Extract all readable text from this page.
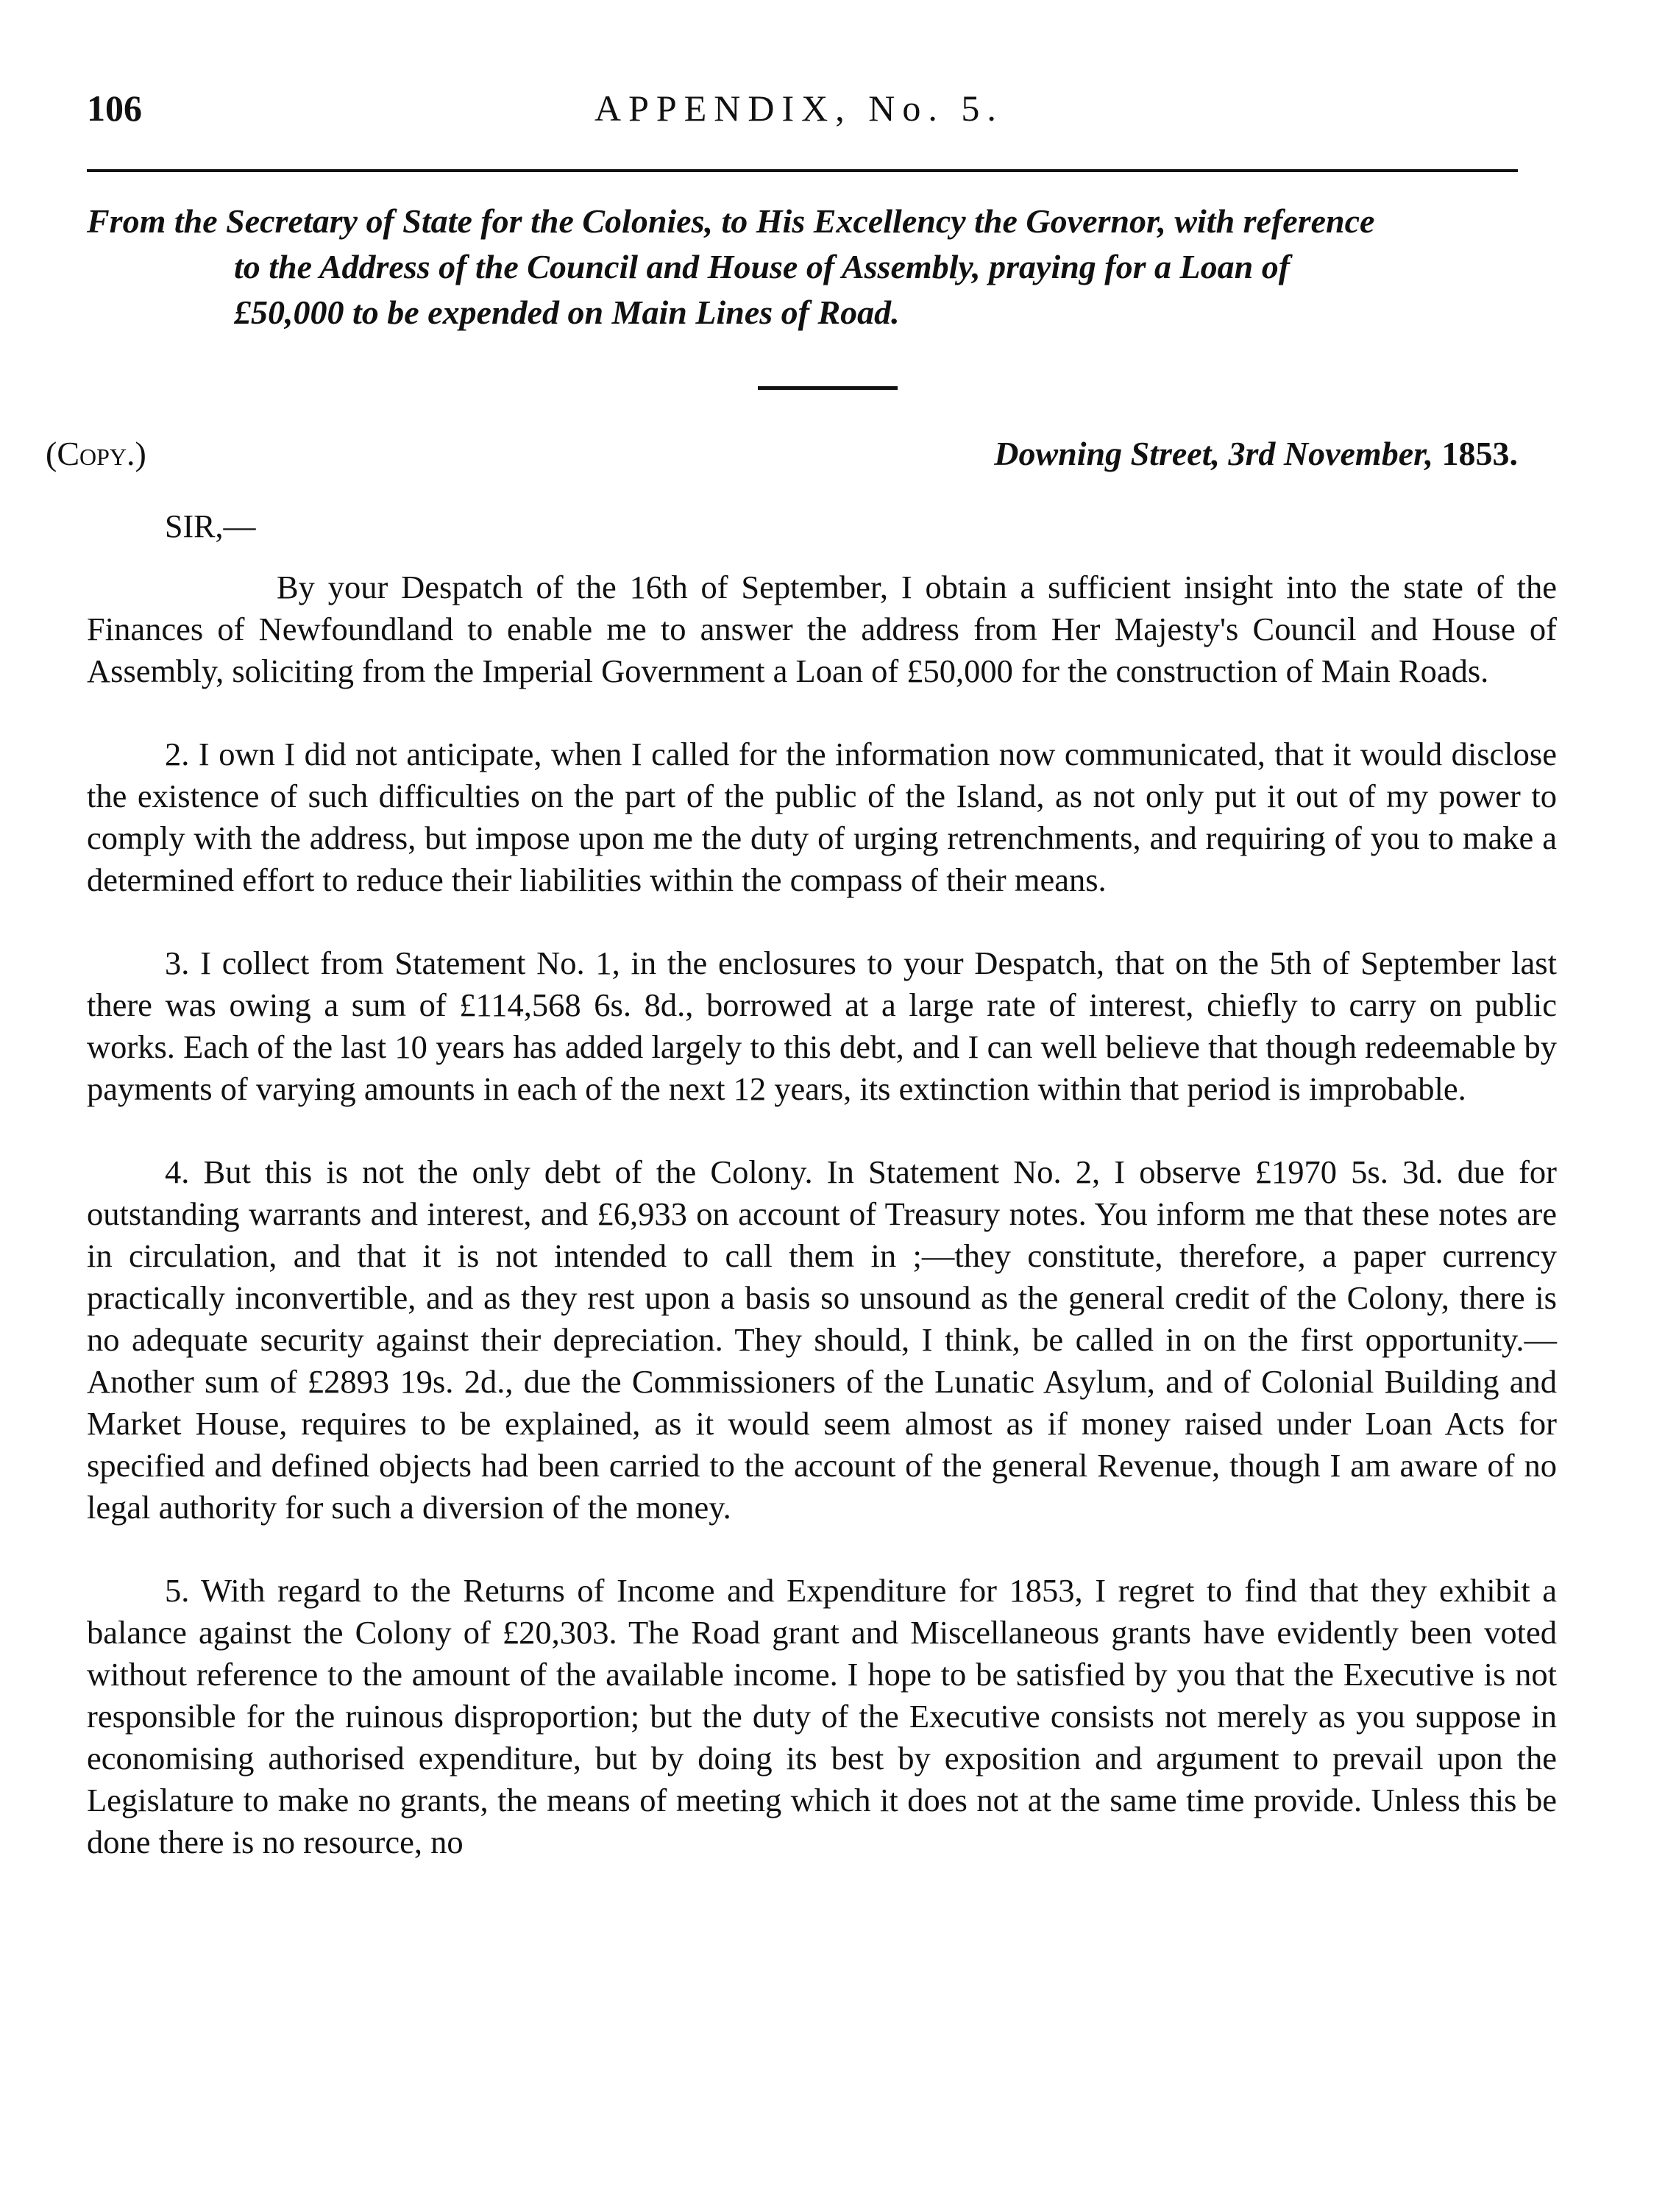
106	APPENDIX, No. 5.
From the Secretary of State for the Colonies, to His Excellency the Governor, with reference
to the Address of the Council and House of Assembly, praying for a Loan of
£50,000 to be expended on Main Lines of Road.
(Copy.)	Downing Street, 3rd November, 1853.
SIR,—

By your Despatch of the 16th of September, I obtain a sufficient insight into the state of the Finances of Newfoundland to enable me to answer the address from Her Majesty's Council and House of Assembly, soliciting from the Imperial Government a Loan of £50,000 for the construction of Main Roads.

2. I own I did not anticipate, when I called for the information now communicated, that it would disclose the existence of such difficulties on the part of the public of the Island, as not only put it out of my power to comply with the address, but impose upon me the duty of urging retrenchments, and requiring of you to make a determined effort to reduce their liabilities within the compass of their means.

3. I collect from Statement No. 1, in the enclosures to your Despatch, that on the 5th of September last there was owing a sum of £114,568 6s. 8d., borrowed at a large rate of interest, chiefly to carry on public works. Each of the last 10 years has added largely to this debt, and I can well believe that though redeemable by payments of varying amounts in each of the next 12 years, its extinction within that period is improbable.

4. But this is not the only debt of the Colony. In Statement No. 2, I observe £1970 5s. 3d. due for outstanding warrants and interest, and £6,933 on account of Treasury notes. You inform me that these notes are in circulation, and that it is not intended to call them in ;—they constitute, therefore, a paper currency practically inconvertible, and as they rest upon a basis so unsound as the general credit of the Colony, there is no adequate security against their depreciation. They should, I think, be called in on the first opportunity.—Another sum of £2893 19s. 2d., due the Commissioners of the Lunatic Asylum, and of Colonial Building and Market House, requires to be explained, as it would seem almost as if money raised under Loan Acts for specified and defined objects had been carried to the account of the general Revenue, though I am aware of no legal authority for such a diversion of the money.

5. With regard to the Returns of Income and Expenditure for 1853, I regret to find that they exhibit a balance against the Colony of £20,303. The Road grant and Miscellaneous grants have evidently been voted without reference to the amount of the available income. I hope to be satisfied by you that the Executive is not responsible for the ruinous disproportion; but the duty of the Executive consists not merely as you suppose in economising authorised expenditure, but by doing its best by exposition and argument to prevail upon the Legislature to make no grants, the means of meeting which it does not at the same time provide. Unless this be done there is no resource, no
